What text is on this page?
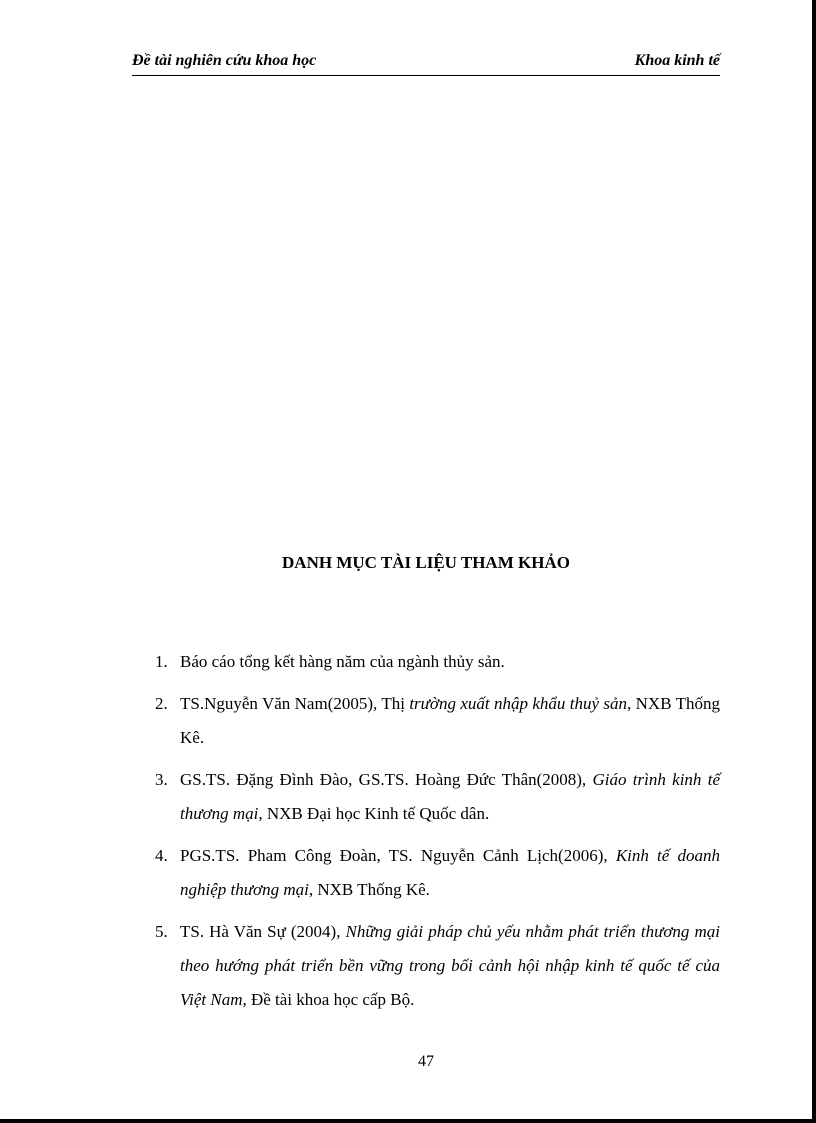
Đề tài nghiên cứu khoa học	Khoa kinh tế
DANH MỤC TÀI LIỆU THAM KHẢO
1. Báo cáo tổng kết hàng năm của ngành thủy sản.
2. TS.Nguyễn Văn Nam(2005), Thị trường xuất nhập khẩu thuỷ sản, NXB Thống Kê.
3. GS.TS. Đặng Đình Đào, GS.TS. Hoàng Đức Thân(2008), Giáo trình kinh tế thương mại, NXB Đại học Kinh tế Quốc dân.
4. PGS.TS. Pham Công Đoàn, TS. Nguyễn Cảnh Lịch(2006), Kinh tế doanh nghiệp thương mại, NXB Thống Kê.
5. TS. Hà Văn Sự (2004), Những giải pháp chủ yếu nhằm phát triển thương mại theo hướng phát triển bền vững trong bối cảnh hội nhập kinh tế quốc tế của Việt Nam, Đề tài khoa học cấp Bộ.
47
